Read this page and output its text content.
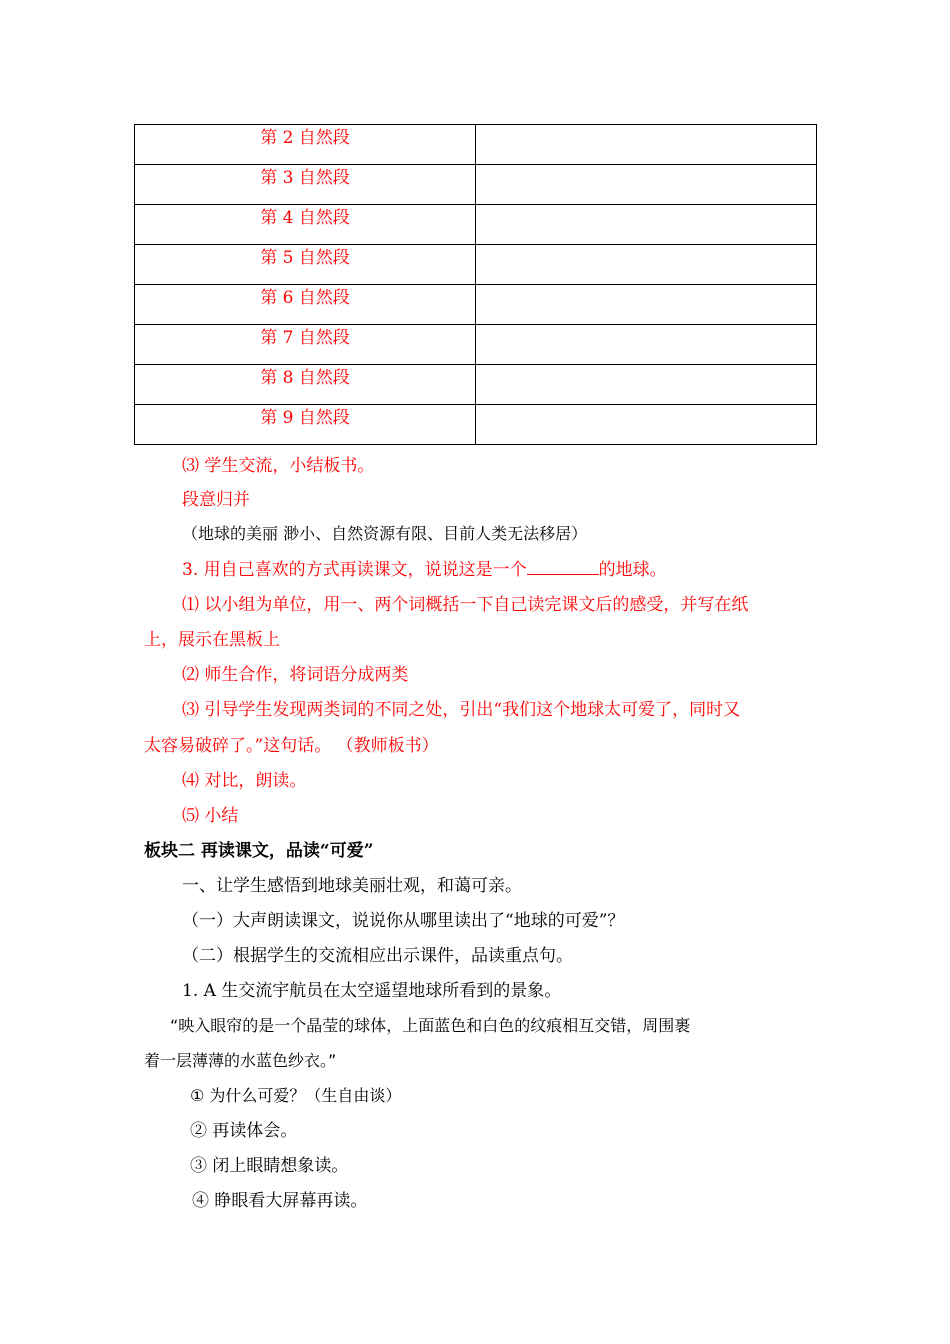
第 2 自然段	
第 3 自然段	
第 4 自然段	
第 5 自然段	
第 6 自然段	
第 7 自然段	
第 8 自然段	
第 9 自然段	
⑶ 学生交流，小结板书。
段意归并
（地球的美丽 渺小、自然资源有限、目前人类无法移居）
3. 用自己喜欢的方式再读课文，说说这是一个	的地球。
⑴ 以小组为单位，用一、两个词概括一下自己读完课文后的感受，并写在纸
上，展示在黑板上
⑵ 师生合作，将词语分成两类
⑶ 引导学生发现两类词的不同之处，引出“我们这个地球太可爱了，同时又
太容易破碎了。”这句话。 （教师板书）
⑷ 对比，朗读。
⑸ 小结
板块二 再读课文，品读“可爱”
一、让学生感悟到地球美丽壮观，和蔼可亲。
（一）大声朗读课文，说说你从哪里读出了“地球的可爱”？
（二）根据学生的交流相应出示课件，品读重点句。
1. A 生交流宇航员在太空遥望地球所看到的景象。
“映入眼帘的是一个晶莹的球体，上面蓝色和白色的纹痕相互交错，周围裹
着一层薄薄的水蓝色纱衣。”
① 为什么可爱？（生自由谈）
② 再读体会。
③ 闭上眼睛想象读。
④ 睁眼看大屏幕再读。
